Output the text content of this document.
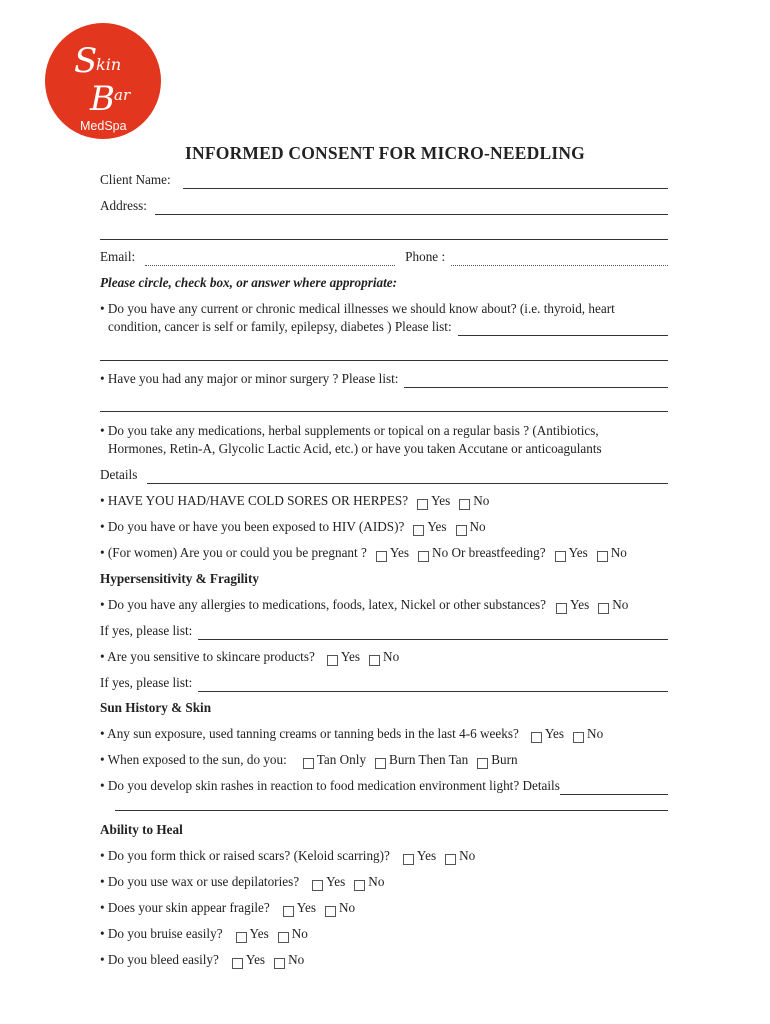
S
kin
B ar
MedSpa
INFORMED CONSENT FOR MICRO-NEEDLING
Client Name:
Address:
Email:	Phone :
Please circle, check box, or answer where appropriate:
• Do you have any current or chronic medical illnesses we should know about? (i.e. thyroid, heart
condition, cancer is self or family, epilepsy, diabetes ) Please list:
• Have you had any major or minor surgery ? Please list:
• Do you take any medications, herbal supplements or topical on a regular basis ? (Antibiotics,
Hormones, Retin-A, Glycolic Lactic Acid, etc.) or have you taken Accutane or anticoagulants
Details
• HAVE YOU HAD/HAVE COLD SORES OR HERPES? Yes No
• Do you have or have you been exposed to HIV (AIDS)? Yes No
• (For women) Are you or could you be pregnant ? Yes No Or breastfeeding? Yes No
Hypersensitivity & Fragility
• Do you have any allergies to medications, foods, latex, Nickel or other substances? Yes No
If yes, please list:
• Are you sensitive to skincare products? Yes No
If yes, please list:
Sun History & Skin
• Any sun exposure, used tanning creams or tanning beds in the last 4-6 weeks? Yes No
• When exposed to the sun, do you: Tan Only Burn Then Tan Burn
• Do you develop skin rashes in reaction to food medication environment light? Details
Ability to Heal
• Do you form thick or raised scars? (Keloid scarring)? Yes No
• Do you use wax or use depilatories? Yes No
• Does your skin appear fragile? Yes No
• Do you bruise easily? Yes No
• Do you bleed easily? Yes No
